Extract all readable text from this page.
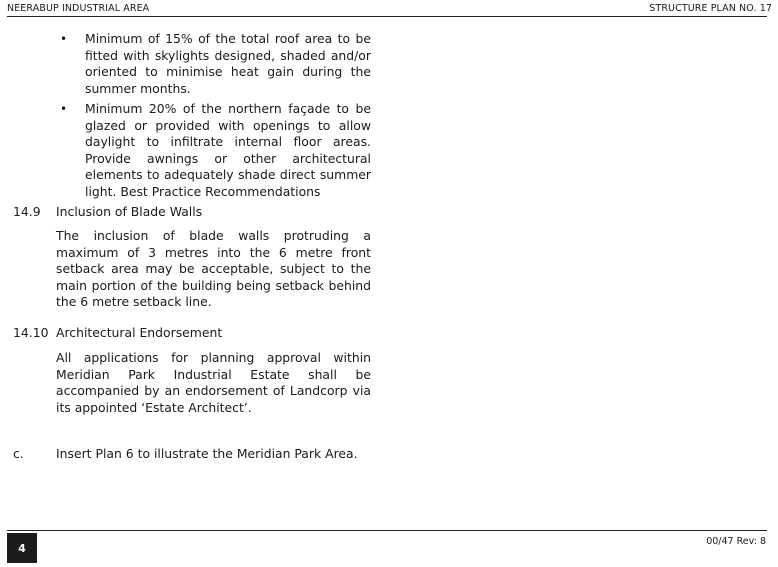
NEERABUP INDUSTRIAL AREA	STRUCTURE PLAN NO. 17
• Minimum of 15% of the total roof area to be fitted with skylights designed, shaded and/or oriented to minimise heat gain during the summer months.

• Minimum 20% of the northern façade to be glazed or provided with openings to allow daylight to infiltrate internal floor areas. Provide awnings or other architectural elements to adequately shade direct summer light. Best Practice Recommendations

14.9 Inclusion of Blade Walls

The inclusion of blade walls protruding a maximum of 3 metres into the 6 metre front setback area may be acceptable, subject to the main portion of the building being setback behind the 6 metre setback line.

14.10 Architectural Endorsement

All applications for planning approval within Meridian Park Industrial Estate shall be accompanied by an endorsement of Landcorp via its appointed ‘Estate Architect’.

c.	Insert Plan 6 to illustrate the Meridian Park Area.
4	00/47 Rev: 8
